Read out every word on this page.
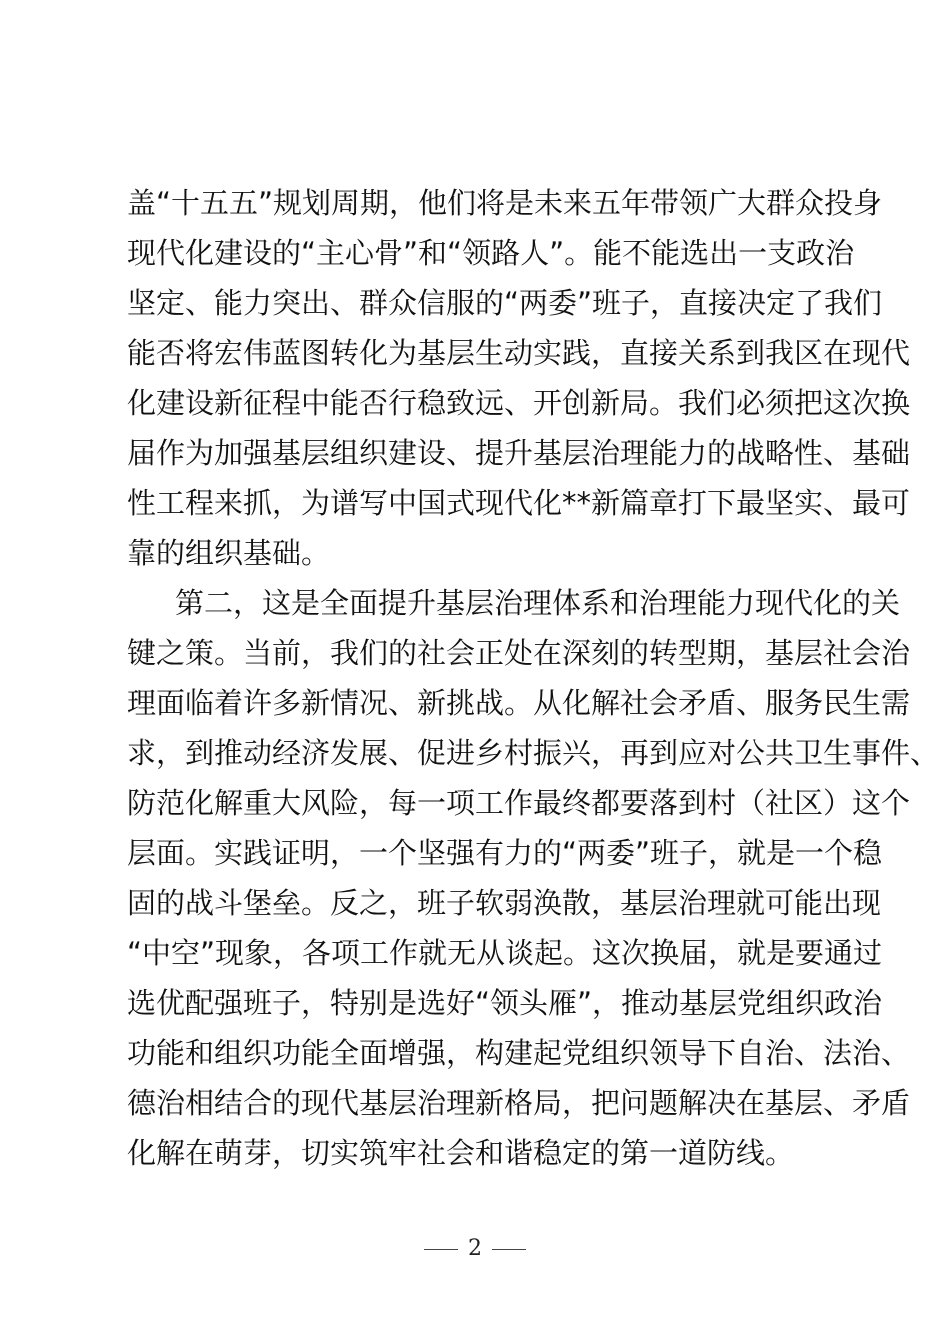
盖“十五五”规划周期，他们将是未来五年带领广大群众投身
现代化建设的“主心骨”和“领路人”。能不能选出一支政治
坚定、能力突出、群众信服的“两委”班子，直接决定了我们
能否将宏伟蓝图转化为基层生动实践，直接关系到我区在现代
化建设新征程中能否行稳致远、开创新局。我们必须把这次换
届作为加强基层组织建设、提升基层治理能力的战略性、基础
性工程来抓，为谱写中国式现代化**新篇章打下最坚实、最可
靠的组织基础。
第二，这是全面提升基层治理体系和治理能力现代化的关
键之策。当前，我们的社会正处在深刻的转型期，基层社会治
理面临着许多新情况、新挑战。从化解社会矛盾、服务民生需
求，到推动经济发展、促进乡村振兴，再到应对公共卫生事件、
防范化解重大风险，每一项工作最终都要落到村（社区）这个
层面。实践证明，一个坚强有力的“两委”班子，就是一个稳
固的战斗堡垒。反之，班子软弱涣散，基层治理就可能出现
“中空”现象，各项工作就无从谈起。这次换届，就是要通过
选优配强班子，特别是选好“领头雁”，推动基层党组织政治
功能和组织功能全面增强，构建起党组织领导下自治、法治、
德治相结合的现代基层治理新格局，把问题解决在基层、矛盾
化解在萌芽，切实筑牢社会和谐稳定的第一道防线。
2
